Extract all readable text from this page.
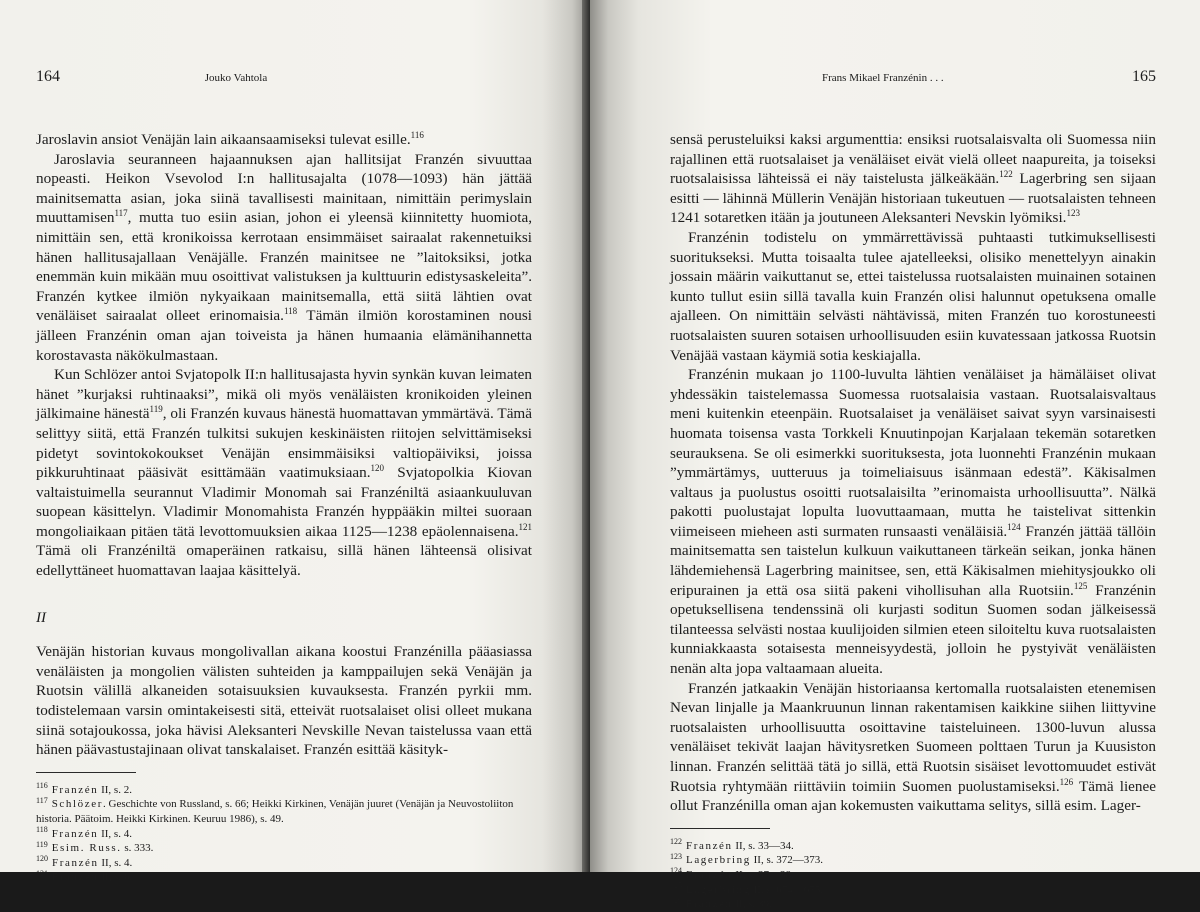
164	Jouko Vahtola

Jaroslavin ansiot Venäjän lain aikaansaamiseksi tulevat esille.$^{116}$

Jaroslavia seuranneen hajaannuksen ajan hallitsijat Franzén sivuuttaa nopeasti. Heikon Vsevolod I:n hallitusajalta (1078—1093) hän jättää mainitsematta asian, joka siinä tavallisesti mainitaan, nimittäin perimyslain muuttamisen$^{117}$, mutta tuo esiin asian, johon ei yleensä kiinnitetty huomiota, nimittäin sen, että kronikoissa kerrotaan ensimmäiset sairaalat rakennetuiksi hänen hallitusajallaan Venäjälle. Franzén mainitsee ne ”laitoksiksi, jotka enemmän kuin mikään muu osoittivat valistuksen ja kulttuurin edistysaskeleita”. Franzén kytkee ilmiön nykyaikaan mainitsemalla, että siitä lähtien ovat venäläiset sairaalat olleet erinomaisia.$^{118}$ Tämän ilmiön korostaminen nousi jälleen Franzénin oman ajan toiveista ja hänen humaania elämänihannetta korostavasta näkökulmastaan.

Kun Schlözer antoi Svjatopolk II:n hallitusajasta hyvin synkän kuvan leimaten hänet ”kurjaksi ruhtinaaksi”, mikä oli myös venäläisten kronikoiden yleinen jälkimaine hänestä$^{119}$, oli Franzén kuvaus hänestä huomattavan ymmärtävä. Tämä selittyy siitä, että Franzén tulkitsi sukujen keskinäisten riitojen selvittämiseksi pidetyt sovintokokoukset Venäjän ensimmäisiksi valtiopäiviksi, joissa pikkuruhtinaat pääsivät esittämään vaatimuksiaan.$^{120}$ Svjatopolkia Kiovan valtaistuimella seurannut Vladimir Monomah sai Franzéniltä asiaankuuluvan suopean käsittelyn. Vladimir Monomahista Franzén hyppääkin miltei suoraan mongoliaikaan pitäen tätä levottomuuksien aikaa 1125—1238 epäolennaisena.$^{121}$ Tämä oli Franzéniltä omaperäinen ratkaisu, sillä hänen lähteensä olisivat edellyttäneet huomattavan laajaa käsittelyä.

II

Venäjän historian kuvaus mongolivallan aikana koostui Franzénilla pääasiassa venäläisten ja mongolien välisten suhteiden ja kamppailujen sekä Venäjän ja Ruotsin välillä alkaneiden sotaisuuksien kuvauksesta. Franzén pyrkii mm. todistelemaan varsin omintakeisesti sitä, etteivät ruotsalaiset olisi olleet mukana siinä sotajoukossa, joka hävisi Aleksanteri Nevskille Nevan taistelussa vaan että hänen päävastustajinaan olivat tanskalaiset. Franzén esittää käsityk-

$^{116}$ Franzén II, s. 2.
$^{117}$ Schlözer. Geschichte von Russland, s. 66; Heikki Kirkinen, Venäjän juuret (Venäjän ja Neuvostoliiton historia. Päätoim. Heikki Kirkinen. Keuruu 1986), s. 49.
$^{118}$ Franzén II, s. 4.
$^{119}$ Esim. Russ. s. 333.
$^{120}$ Franzén II, s. 4.
$^{121}$ Franzén II, s. 6.
Frans Mikael Franzénin . . .	165

sensä perusteluiksi kaksi argumenttia: ensiksi ruotsalaisvalta oli Suomessa niin rajallinen että ruotsalaiset ja venäläiset eivät vielä olleet naapureita, ja toiseksi ruotsalaisissa lähteissä ei näy taistelusta jälkeäkään.$^{122}$ Lagerbring sen sijaan esitti — lähinnä Müllerin Venäjän historiaan tukeutuen — ruotsalaisten tehneen 1241 sotaretken itään ja joutuneen Aleksanteri Nevskin lyömiksi.$^{123}$

Franzénin todistelu on ymmärrettävissä puhtaasti tutkimuksellisesti suoritukseksi. Mutta toisaalta tulee ajatelleeksi, olisiko menettelyyn ainakin jossain määrin vaikuttanut se, ettei taistelussa ruotsalaisten muinainen sotainen kunto tullut esiin sillä tavalla kuin Franzén olisi halunnut opetuksena omalle ajalleen. On nimittäin selvästi nähtävissä, miten Franzén tuo korostuneesti ruotsalaisten suuren sotaisen urhoollisuuden esiin kuvatessaan jatkossa Ruotsin Venäjää vastaan käymiä sotia keskiajalla.

Franzénin mukaan jo 1100-luvulta lähtien venäläiset ja hämäläiset olivat yhdessäkin taistelemassa Suomessa ruotsalaisia vastaan. Ruotsalaisvaltaus meni kuitenkin eteenpäin. Ruotsalaiset ja venäläiset saivat syyn varsinaisesti huomata toisensa vasta Torkkeli Knuutinpojan Karjalaan tekemän sotaretken seurauksena. Se oli esimerkki suorituksesta, jota luonnehti Franzénin mukaan ”ymmärtämys, uutteruus ja toimeliaisuus isänmaan edestä”. Käkisalmen valtaus ja puolustus osoitti ruotsalaisilta ”erinomaista urhoollisuutta”. Nälkä pakotti puolustajat lopulta luovuttaamaan, mutta he taistelivat sittenkin viimeiseen mieheen asti surmaten runsaasti venäläisiä.$^{124}$ Franzén jättää tällöin mainitsematta sen taistelun kulkuun vaikuttaneen tärkeän seikan, jonka hänen lähdemiehensä Lagerbring mainitsee, sen, että Käkisalmen miehitysjoukko oli eripurainen ja että osa siitä pakeni vihollisuhan alla Ruotsiin.$^{125}$ Franzénin opetuksellisena tendenssinä oli kurjasti soditun Suomen sodan jälkeisessä tilanteessa selvästi nostaa kuulijoiden silmien eteen siloiteltu kuva ruotsalaisten kunniakkaasta sotaisesta menneisyydestä, jolloin he pystyivät venäläisten nenän alta jopa valtaamaan alueita.

Franzén jatkaakin Venäjän historiaansa kertomalla ruotsalaisten etenemisen Nevan linjalle ja Maankruunun linnan rakentamisen kaikkine siihen liittyvine ruotsalaisten urhoollisuutta osoittavine taisteluineen. 1300-luvun alussa venäläiset tekivät laajan hävitysretken Suomeen polttaen Turun ja Kuusiston linnan. Franzén selittää tätä jo sillä, että Ruotsin sisäiset levottomuudet estivät Ruotsia ryhtymään riittäviin toimiin Suomen puolustamiseksi.$^{126}$ Tämä lienee ollut Franzénilla oman ajan kokemusten vaikuttama selitys, sillä esim. Lager-

$^{122}$ Franzén II, s. 33—34.
$^{123}$ Lagerbring II, s. 372—373.
$^{124}$ Franzén II, s. 37—38.
$^{125}$ Lagerbring II, s. 674—675.
$^{126}$ Franzén II, s. 39.
